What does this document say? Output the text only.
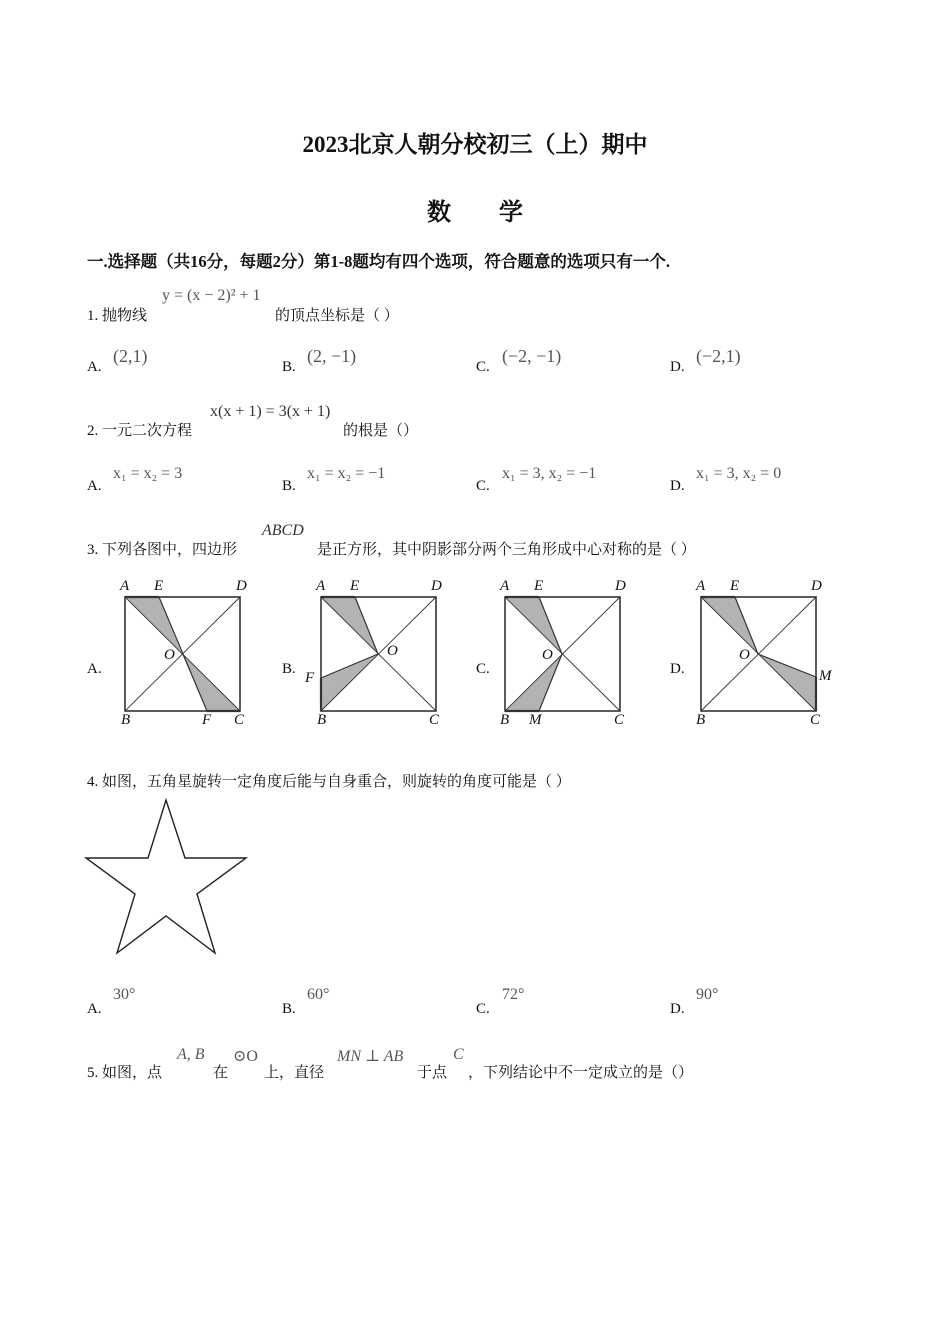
2023北京人朝分校初三（上）期中
数 学
一.选择题（共16分，每题2分）第1-8题均有四个选项，符合题意的选项只有一个.
1. 抛物线
y = (x − 2)² + 1
的顶点坐标是（ ）
A.
(2,1)
B.
(2, −1)
C.
(−2, −1)
D.
(−2,1)
2. 一元二次方程
x(x + 1) = 3(x + 1)
的根是（）
A.
x₁ = x₂ = 3
B.
x₁ = x₂ = −1
C.
x₁ = 3, x₂ = −1
D.
x₁ = 3, x₂ = 0
3. 下列各图中，四边形
ABCD
是正方形，其中阴影部分两个三角形成中心对称的是（ ）
A.
A E	D
O
B	F C
B.
A E	D
O
F
B	C
C.
A E	D
O
B M	C
D.
A E	D
O
M
B	C
4. 如图，五角星旋转一定角度后能与自身重合，则旋转的角度可能是（ ）
A.
30°
B.
60°
C.
72°
D.
90°
5. 如图，点
A, B
在
⊙O
上，直径
MN ⊥ AB
于点
C
，下列结论中不一定成立的是（）
